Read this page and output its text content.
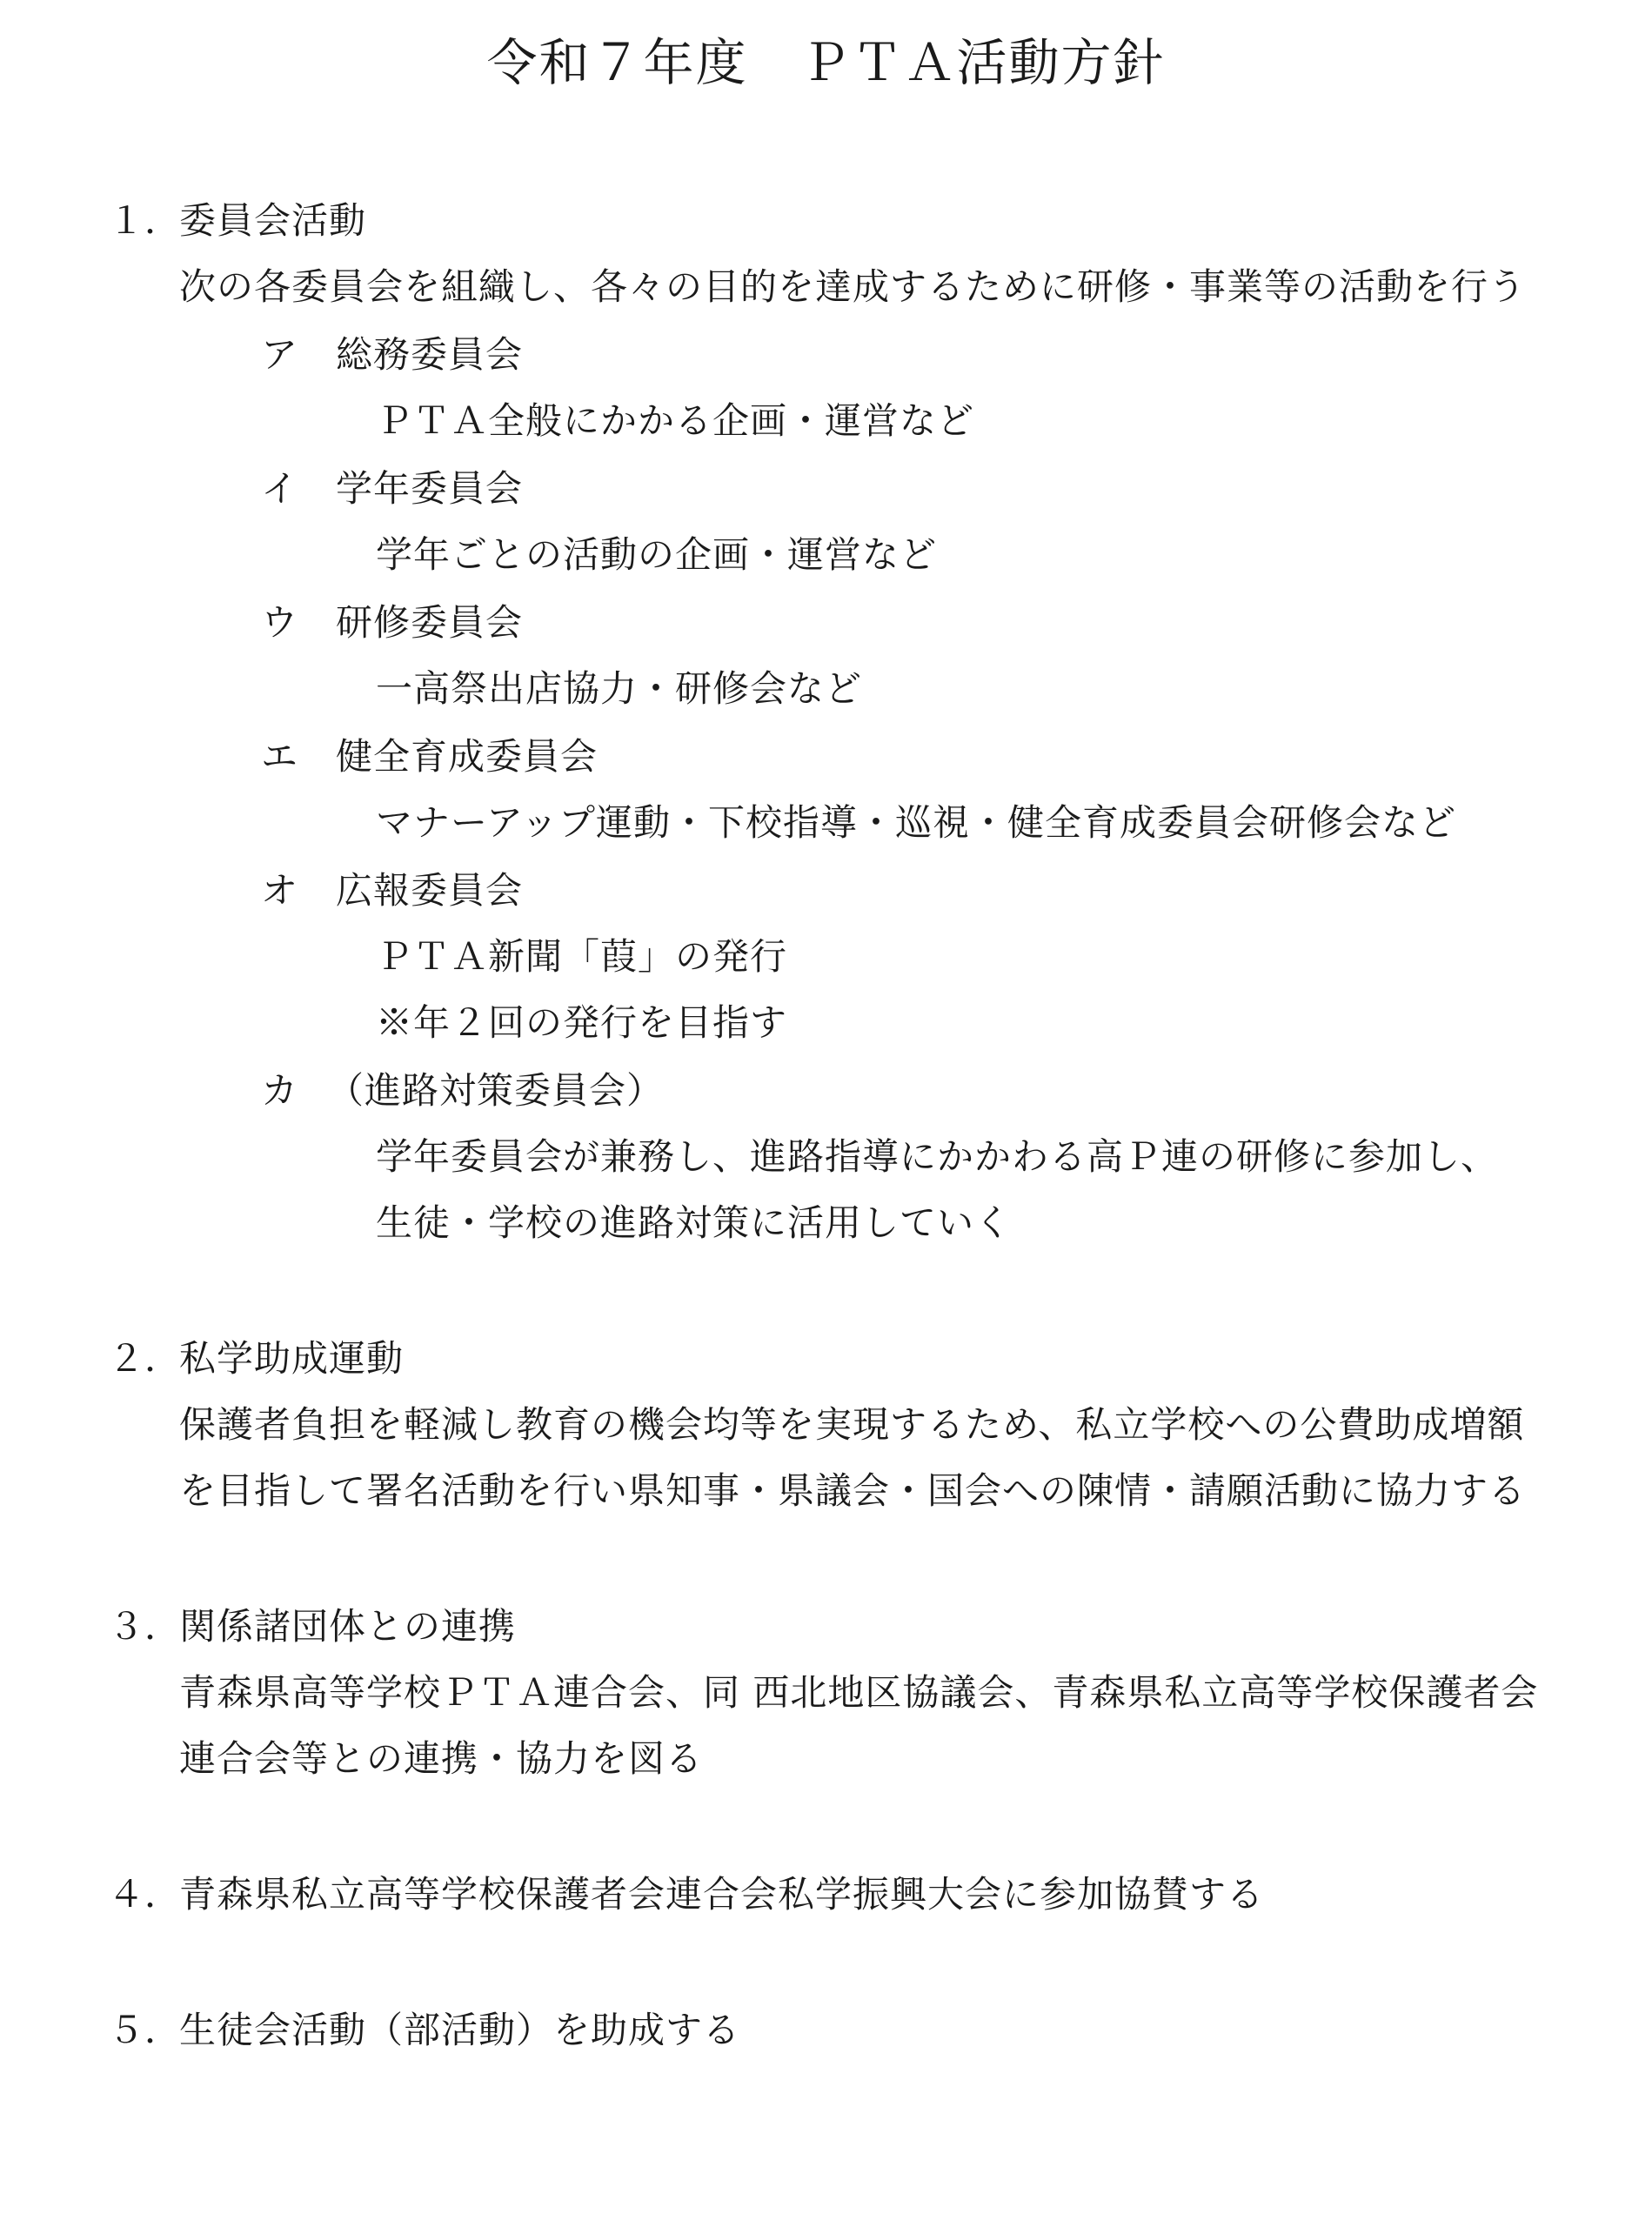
令和７年度　ＰＴＡ活動方針
１．
委員会活動
次の各委員会を組織し、各々の目的を達成するために研修・事業等の活動を行う
ア 総務委員会
ＰＴＡ全般にかかる企画・運営など
イ 学年委員会
学年ごとの活動の企画・運営など
ウ 研修委員会
一高祭出店協力・研修会など
エ 健全育成委員会
マナーアップ運動・下校指導・巡視・健全育成委員会研修会など
オ 広報委員会
ＰＴＡ新聞「葭」の発行
※年２回の発行を目指す
カ （進路対策委員会）
学年委員会が兼務し、進路指導にかかわる高Ｐ連の研修に参加し、
生徒・学校の進路対策に活用していく
２．
私学助成運動
保護者負担を軽減し教育の機会均等を実現するため、私立学校への公費助成増額
を目指して署名活動を行い県知事・県議会・国会への陳情・請願活動に協力する
３．
関係諸団体との連携
青森県高等学校ＰＴＡ連合会、同 西北地区協議会、青森県私立高等学校保護者会
連合会等との連携・協力を図る
４．
青森県私立高等学校保護者会連合会私学振興大会に参加協賛する
５．
生徒会活動（部活動）を助成する
